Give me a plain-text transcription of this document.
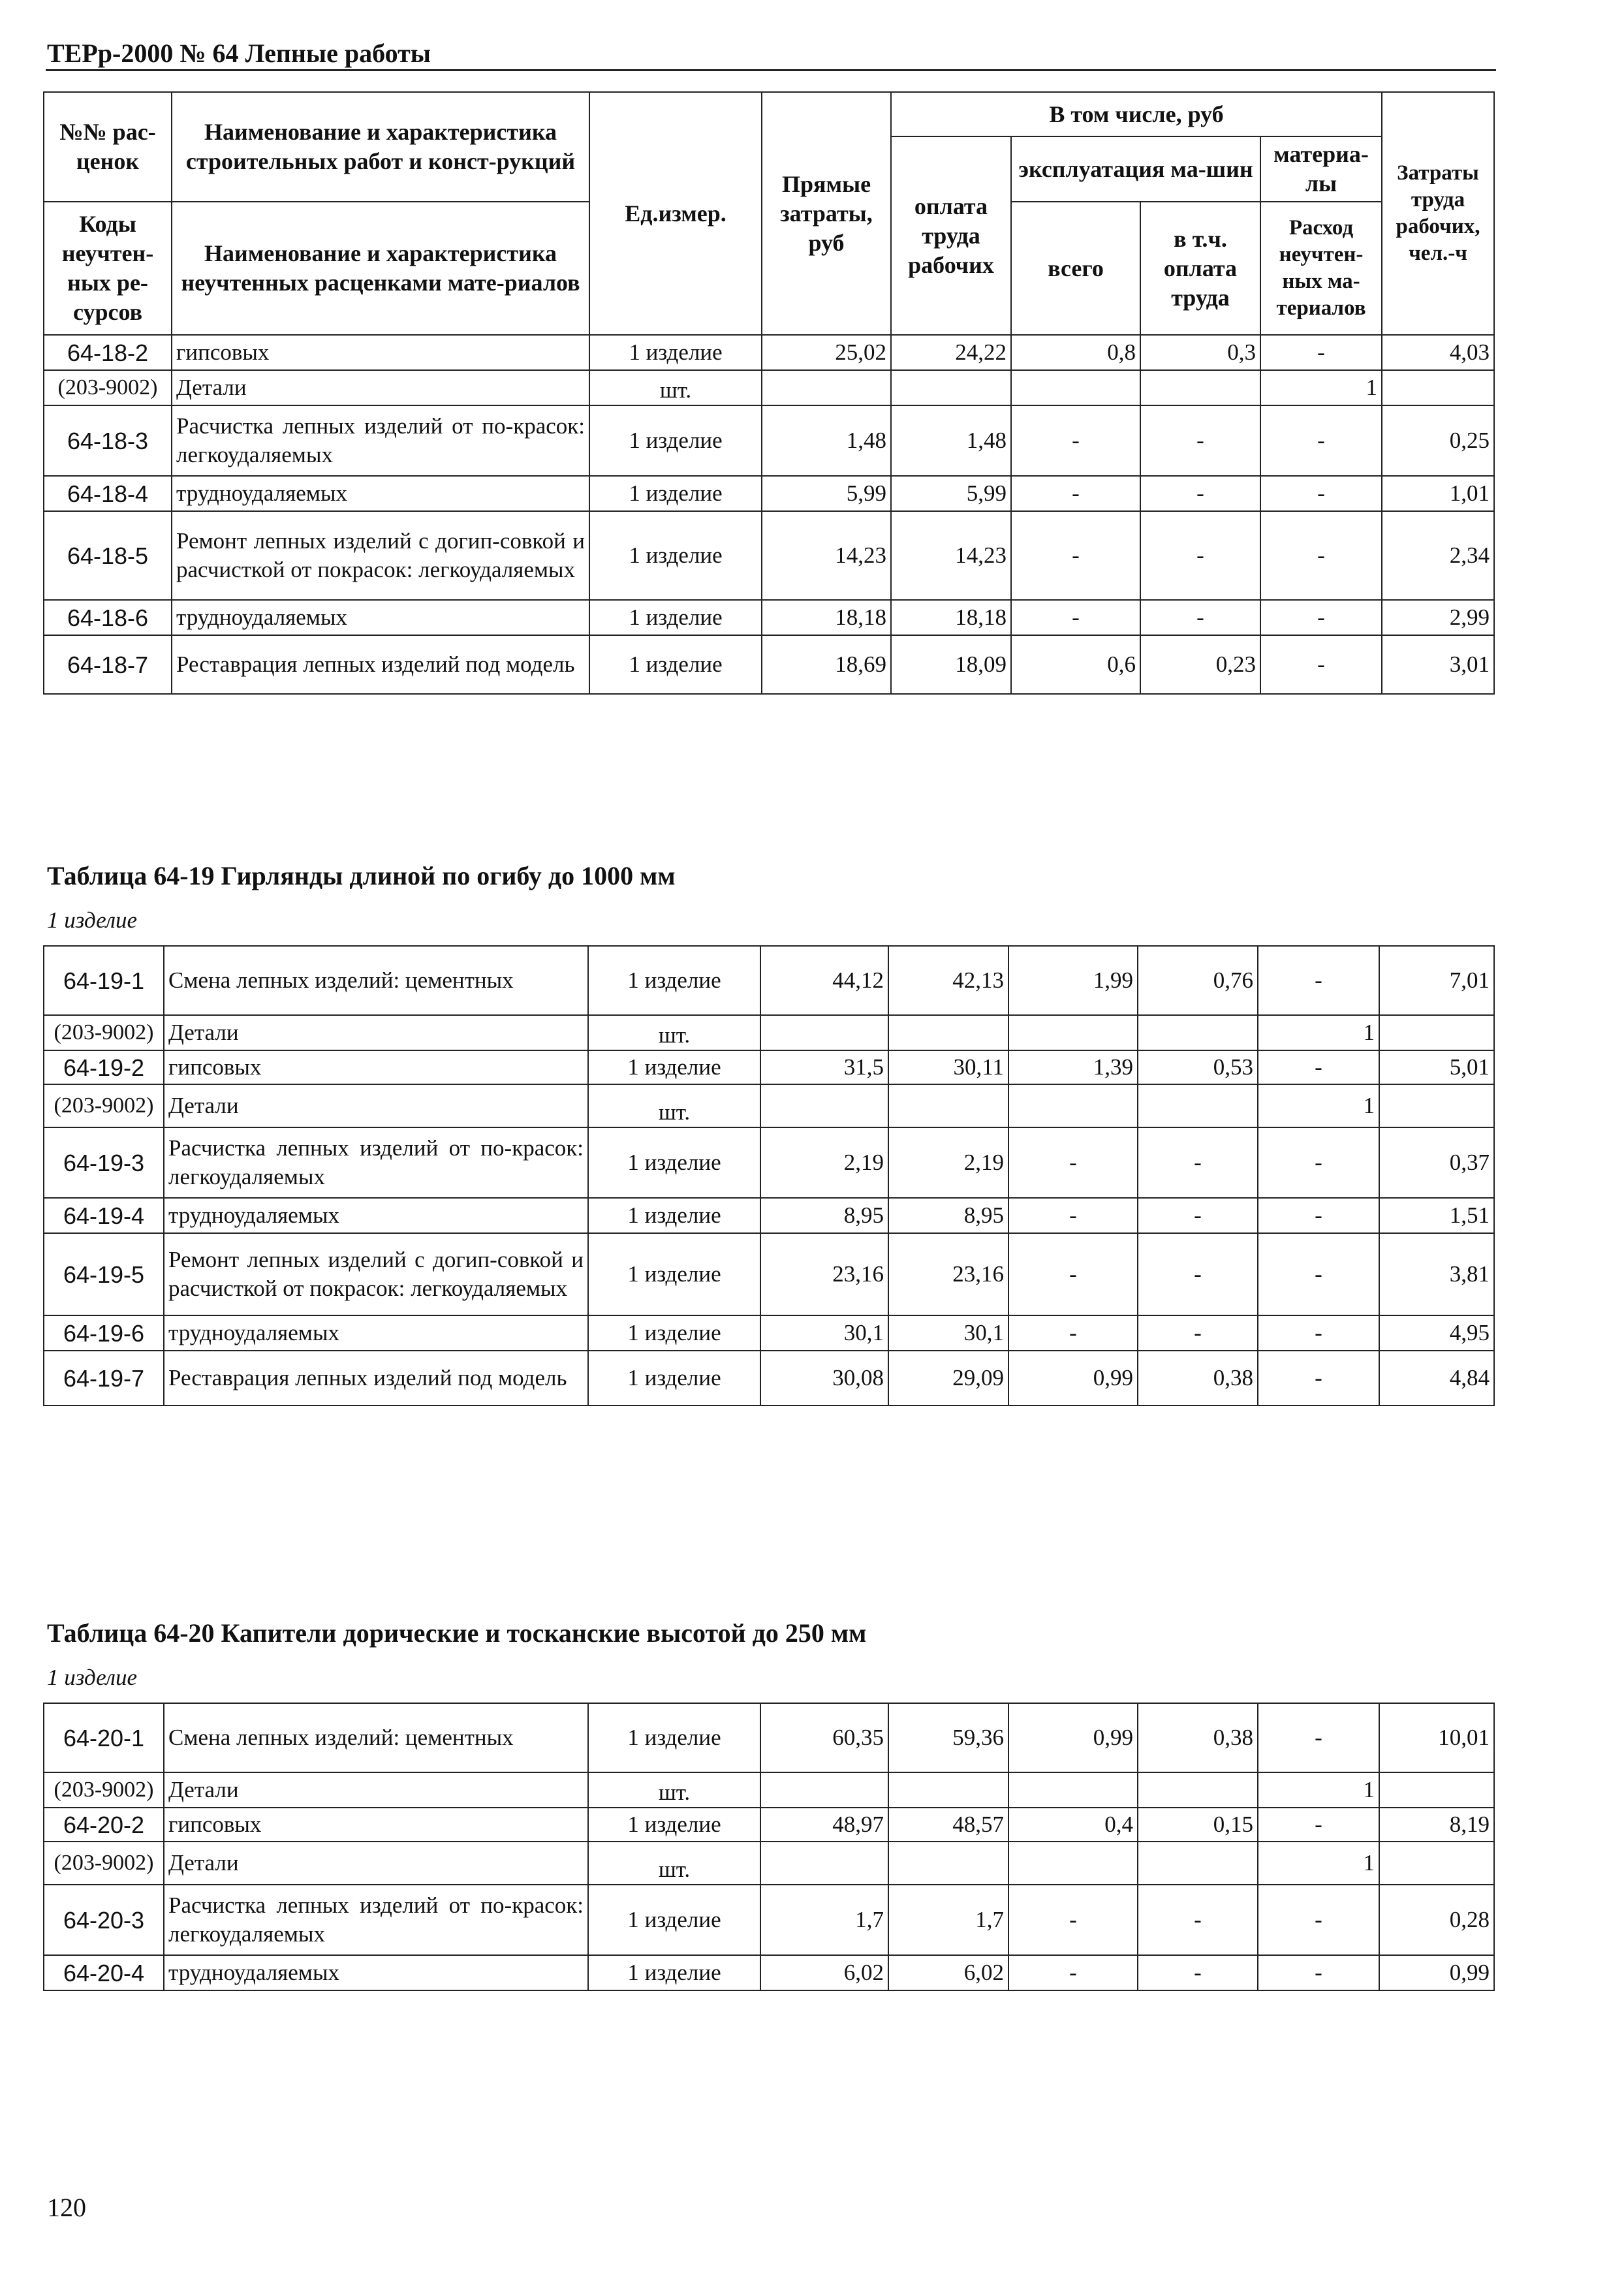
ТЕРр-2000 № 64 Лепные работы
№№ рас-ценок	Наименование и характеристика строительных работ и конст-рукций	Ед.измер.	Прямые затраты, руб	В том числе, руб				Затраты труда рабочих, чел.-ч
				оплата труда рабочих	эксплуатация ма-шин		материа-лы	
Коды неучтен-ных ре-сурсов	Наименование и характеристика неучтенных расценками мате-риалов				всего	в т.ч. оплата труда	Расход неучтен-ных ма-териалов	

64-18-2	гипсовых	1 изделие	25,02	24,22	0,8	0,3	-	4,03
(203-9002)	Детали	шт.					1	
64-18-3	Расчистка лепных изделий от по-красок: легкоудаляемых	1 изделие	1,48	1,48	-	-	-	0,25
64-18-4	трудноудаляемых	1 изделие	5,99	5,99	-	-	-	1,01
64-18-5	Ремонт лепных изделий с догип-совкой и расчисткой от покрасок: легкоудаляемых	1 изделие	14,23	14,23	-	-	-	2,34
64-18-6	трудноудаляемых	1 изделие	18,18	18,18	-	-	-	2,99
64-18-7	Реставрация лепных изделий под модель	1 изделие	18,69	18,09	0,6	0,23	-	3,01
Таблица 64-19 Гирлянды длиной по огибу до 1000 мм
1 изделие
64-19-1	Смена лепных изделий: цементных	1 изделие	44,12	42,13	1,99	0,76	-	7,01
(203-9002)	Детали	шт.					1	
64-19-2	гипсовых	1 изделие	31,5	30,11	1,39	0,53	-	5,01
(203-9002)	Детали	шт.					1	
64-19-3	Расчистка лепных изделий от по-красок: легкоудаляемых	1 изделие	2,19	2,19	-	-	-	0,37
64-19-4	трудноудаляемых	1 изделие	8,95	8,95	-	-	-	1,51
64-19-5	Ремонт лепных изделий с догип-совкой и расчисткой от покрасок: легкоудаляемых	1 изделие	23,16	23,16	-	-	-	3,81
64-19-6	трудноудаляемых	1 изделие	30,1	30,1	-	-	-	4,95
64-19-7	Реставрация лепных изделий под модель	1 изделие	30,08	29,09	0,99	0,38	-	4,84
Таблица 64-20 Капители дорические и тосканские высотой до 250 мм
1 изделие
64-20-1	Смена лепных изделий: цементных	1 изделие	60,35	59,36	0,99	0,38	-	10,01
(203-9002)	Детали	шт.					1	
64-20-2	гипсовых	1 изделие	48,97	48,57	0,4	0,15	-	8,19
(203-9002)	Детали	шт.					1	
64-20-3	Расчистка лепных изделий от по-красок: легкоудаляемых	1 изделие	1,7	1,7	-	-	-	0,28
64-20-4	трудноудаляемых	1 изделие	6,02	6,02	-	-	-	0,99
120
